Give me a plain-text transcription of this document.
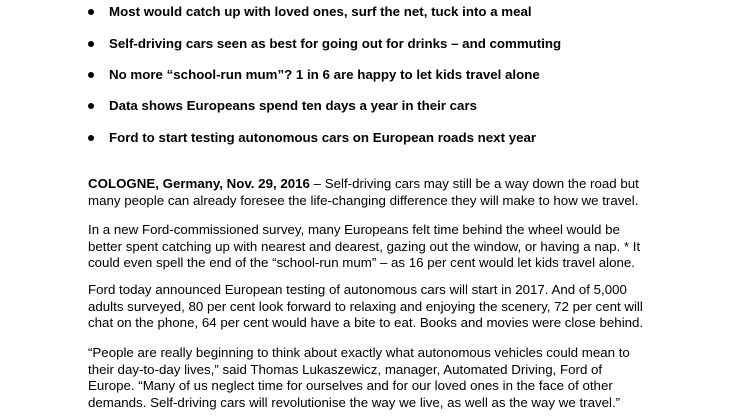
Most would catch up with loved ones, surf the net, tuck into a meal
Self-driving cars seen as best for going out for drinks – and commuting
No more “school-run mum”? 1 in 6 are happy to let kids travel alone
Data shows Europeans spend ten days a year in their cars
Ford to start testing autonomous cars on European roads next year

COLOGNE, Germany, Nov. 29, 2016 – Self-driving cars may still be a way down the road but
many people can already foresee the life-changing difference they will make to how we travel.

In a new Ford-commissioned survey, many Europeans felt time behind the wheel would be
better spent catching up with nearest and dearest, gazing out the window, or having a nap. * It
could even spell the end of the “school-run mum” – as 16 per cent would let kids travel alone.

Ford today announced European testing of autonomous cars will start in 2017. And of 5,000
adults surveyed, 80 per cent look forward to relaxing and enjoying the scenery, 72 per cent will
chat on the phone, 64 per cent would have a bite to eat. Books and movies were close behind.

“People are really beginning to think about exactly what autonomous vehicles could mean to
their day-to-day lives,” said Thomas Lukaszewicz, manager, Automated Driving, Ford of
Europe. “Many of us neglect time for ourselves and for our loved ones in the face of other
demands. Self-driving cars will revolutionise the way we live, as well as the way we travel.”
